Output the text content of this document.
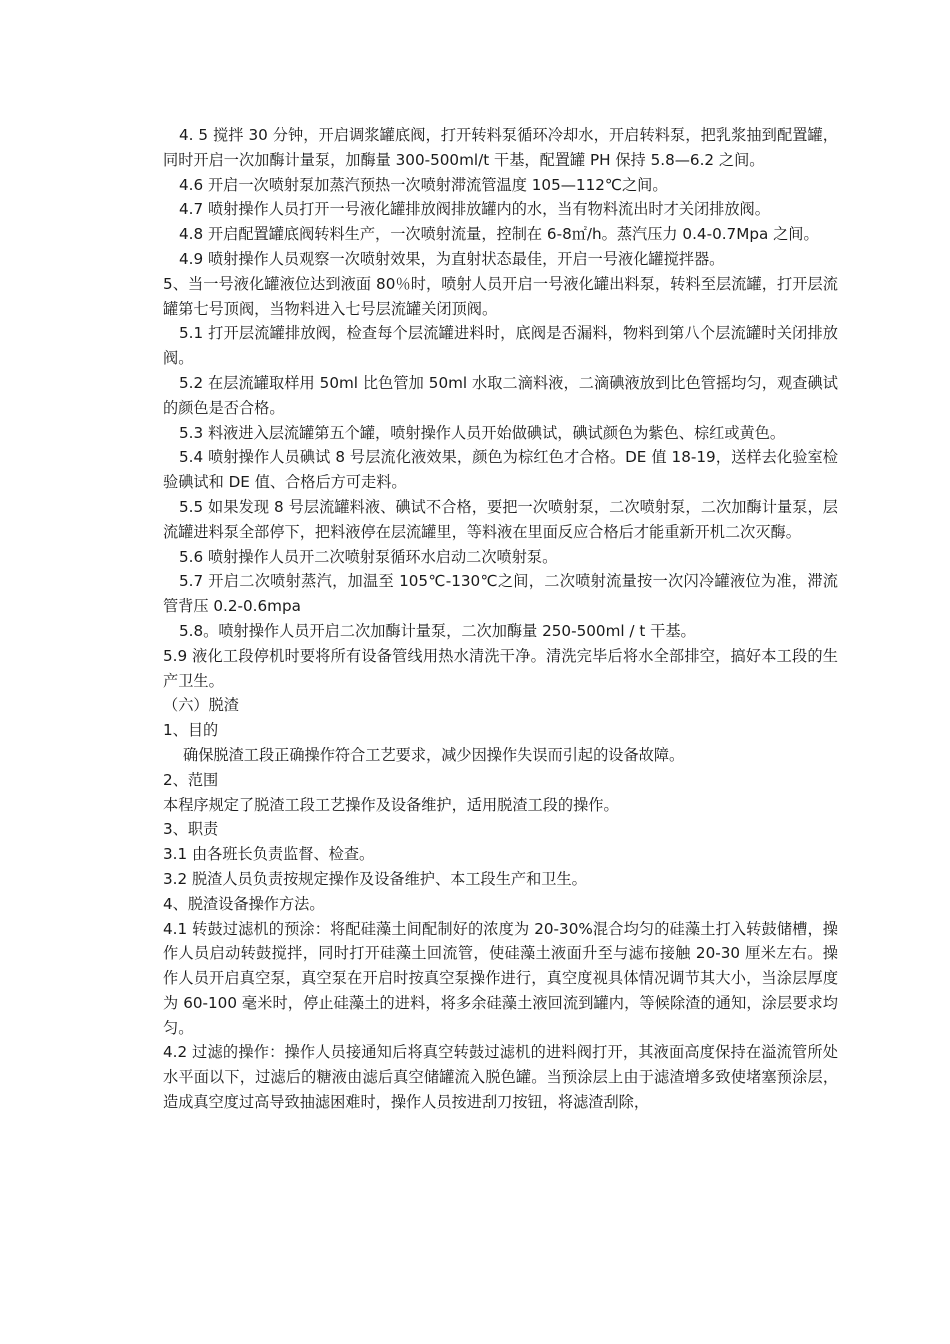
4. 5 搅拌 30 分钟，开启调浆罐底阀，打开转料泵循环冷却水，开启转料泵，把乳浆抽到配置罐，同时开启一次加酶计量泵，加酶量 300-500ml/t 干基，配置罐 PH 保持 5.8—6.2 之间。

4.6 开启一次喷射泵加蒸汽预热一次喷射滞流管温度 105—112℃之间。

4.7 喷射操作人员打开一号液化罐排放阀排放罐内的水，当有物料流出时才关闭排放阀。

4.8 开启配置罐底阀转料生产，一次喷射流量，控制在 6-8㎡/h。蒸汽压力 0.4-0.7Mpa 之间。

4.9 喷射操作人员观察一次喷射效果，为直射状态最佳，开启一号液化罐搅拌器。

5、当一号液化罐液位达到液面 80％时，喷射人员开启一号液化罐出料泵，转料至层流罐，打开层流罐第七号顶阀，当物料进入七号层流罐关闭顶阀。

5.1 打开层流罐排放阀，检查每个层流罐进料时，底阀是否漏料，物料到第八个层流罐时关闭排放阀。

5.2 在层流罐取样用 50ml 比色管加 50ml 水取二滴料液，二滴碘液放到比色管摇均匀，观查碘试的颜色是否合格。

5.3 料液进入层流罐第五个罐，喷射操作人员开始做碘试，碘试颜色为紫色、棕红或黄色。

5.4 喷射操作人员碘试 8 号层流化液效果，颜色为棕红色才合格。DE 值 18-19，送样去化验室检验碘试和 DE 值、合格后方可走料。

5.5 如果发现 8 号层流罐料液、碘试不合格，要把一次喷射泵，二次喷射泵，二次加酶计量泵，层流罐进料泵全部停下，把料液停在层流罐里，等料液在里面反应合格后才能重新开机二次灭酶。

5.6 喷射操作人员开二次喷射泵循环水启动二次喷射泵。

5.7 开启二次喷射蒸汽，加温至 105℃-130℃之间，二次喷射流量按一次闪冷罐液位为准，滞流管背压 0.2-0.6mpa

5.8。喷射操作人员开启二次加酶计量泵，二次加酶量 250-500ml / t 干基。

5.9 液化工段停机时要将所有设备管线用热水清洗干净。清洗完毕后将水全部排空，搞好本工段的生产卫生。

（六）脱渣

1、目的

确保脱渣工段正确操作符合工艺要求，减少因操作失误而引起的设备故障。

2、范围

本程序规定了脱渣工段工艺操作及设备维护，适用脱渣工段的操作。

3、职责

3.1 由各班长负责监督、检查。

3.2 脱渣人员负责按规定操作及设备维护、本工段生产和卫生。

4、脱渣设备操作方法。

4.1 转鼓过滤机的预涂：将配硅藻土间配制好的浓度为 20-30%混合均匀的硅藻土打入转鼓储槽，操作人员启动转鼓搅拌，同时打开硅藻土回流管，使硅藻土液面升至与滤布接触 20-30 厘米左右。操作人员开启真空泵，真空泵在开启时按真空泵操作进行，真空度视具体情况调节其大小，当涂层厚度为 60-100 毫米时，停止硅藻土的进料，将多余硅藻土液回流到罐内，等候除渣的通知，涂层要求均匀。

4.2 过滤的操作：操作人员接通知后将真空转鼓过滤机的进料阀打开，其液面高度保持在溢流管所处水平面以下，过滤后的糖液由滤后真空储罐流入脱色罐。当预涂层上由于滤渣增多致使堵塞预涂层，造成真空度过高导致抽滤困难时，操作人员按进刮刀按钮，将滤渣刮除，
